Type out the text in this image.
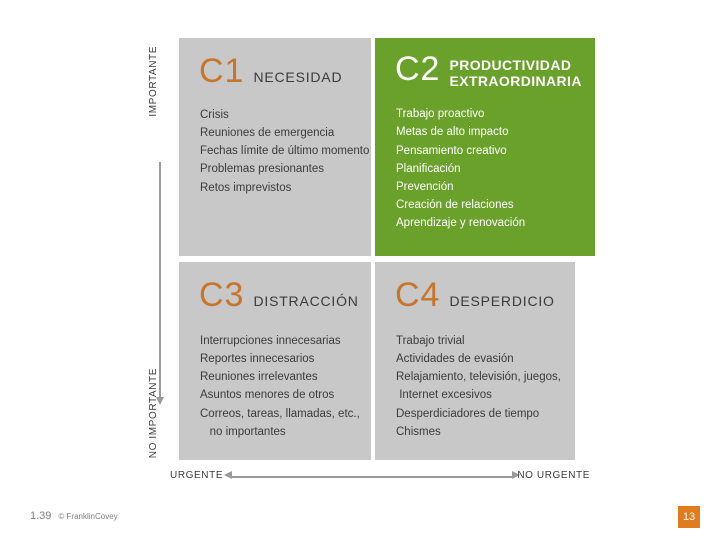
IMPORTANTE
NO IMPORTANTE
C1 NECESIDAD
Crisis
Reuniones de emergencia
Fechas límite de último momento
Problemas presionantes
Retos imprevistos
C2 PRODUCTIVIDAD EXTRAORDINARIA
Trabajo proactivo
Metas de alto impacto
Pensamiento creativo
Planificación
Prevención
Creación de relaciones
Aprendizaje y renovación
C3 DISTRACCIÓN
Interrupciones innecesarias
Reportes innecesarios
Reuniones irrelevantes
Asuntos menores de otros
Correos, tareas, llamadas, etc.,
no importantes
C4 DESPERDICIO
Trabajo trivial
Actividades de evasión
Relajamiento, televisión, juegos,
Internet excesivos
Desperdiciadores de tiempo
Chismes
URGENTE	NO URGENTE
1.39 © FranklinCovey	13
